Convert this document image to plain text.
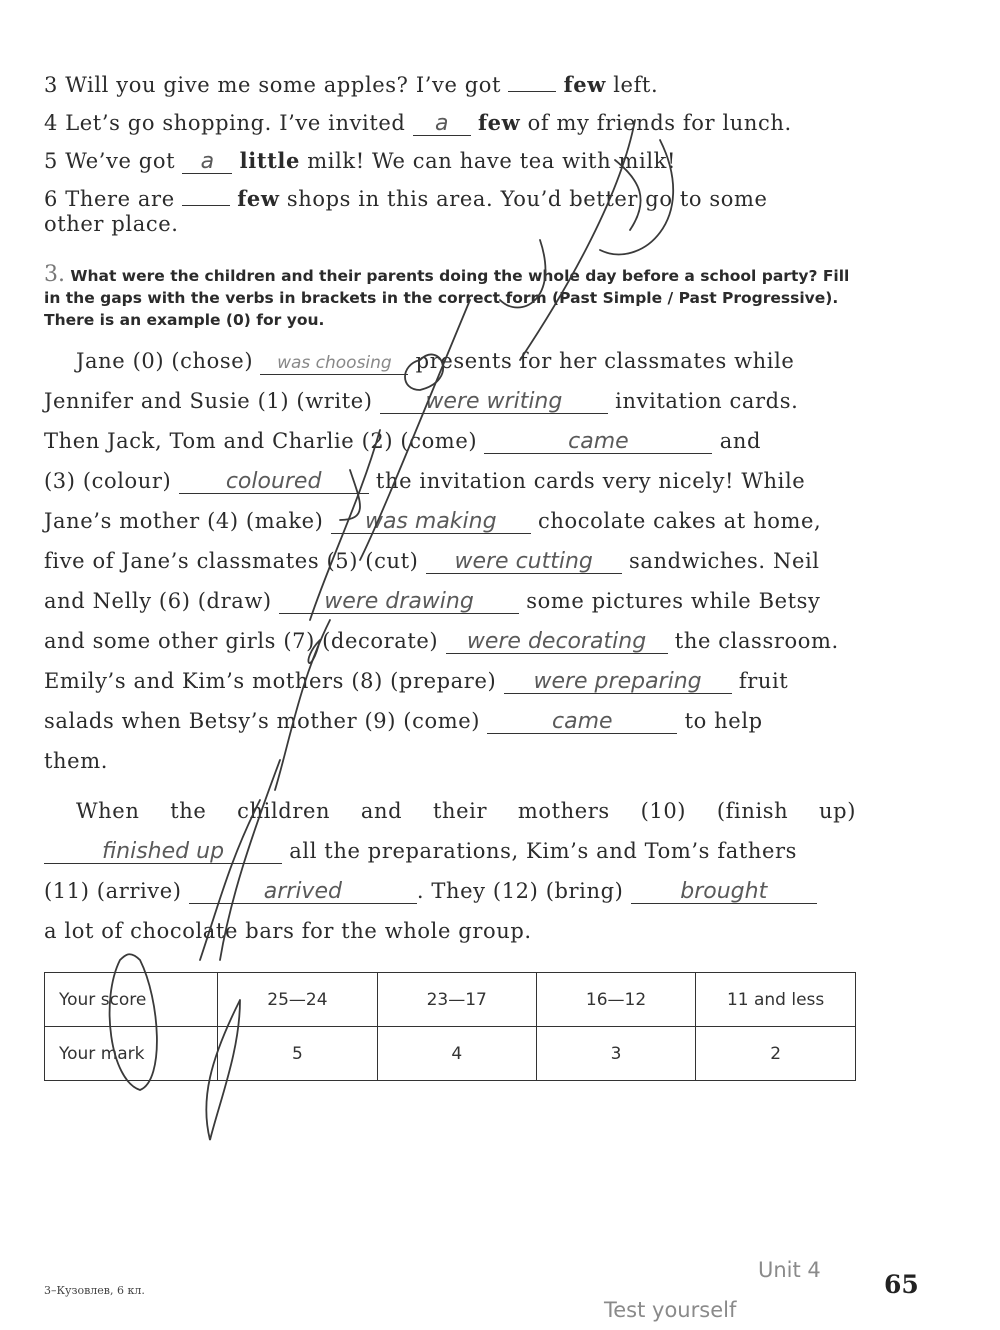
3 Will you give me some apples? I’ve got	few left.
4 Let’s go shopping. I’ve invited a few of my friends for lunch.
5 We’ve got a little milk! We can have tea with milk!
6 There are	few shops in this area. You’d better go to some
other place.
3. What were the children and their parents doing the whole day before a school party? Fill in the gaps with the verbs in brackets in the correct form (Past Simple / Past Progressive). There is an example (0) for you.
Jane (0) (chose) was choosing presents for her classmates while
Jennifer and Susie (1) (write) were writing	invitation cards.
Then Jack, Tom and Charlie (2) (come)	came	and
(3) (colour) coloured	the invitation cards very nicely! While
Jane’s mother (4) (make) was making chocolate cakes at home,
five of Jane’s classmates (5) (cut) were cutting sandwiches. Neil
and Nelly (6) (draw) were drawing some pictures while Betsy
and some other girls (7) (decorate) were decorating the classroom.
Emily’s and Kim’s mothers (8) (prepare) were preparing fruit
salads when Betsy’s mother (9) (come)	came	to help
them.
When the children and their mothers (10) (finish up)
finished up	all the preparations, Kim’s and Tom’s fathers
(11) (arrive)	arrived	. They (12) (bring)	brought
a lot of chocolate bars for the whole group.
Your score	25—24	23—17	16—12	11 and less
Your mark	5	4	3	2
3–Кузовлев, 6 кл.
Unit 4
Test yourself
65
